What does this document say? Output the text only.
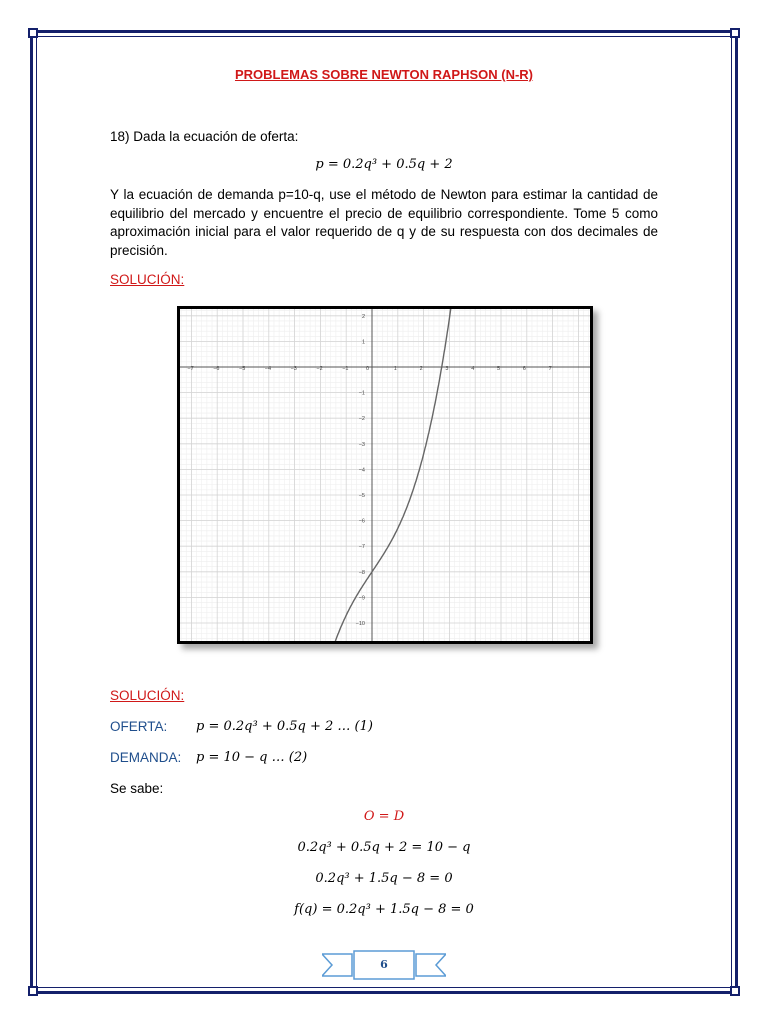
PROBLEMAS SOBRE NEWTON RAPHSON (N-R)
18) Dada la ecuación de oferta:
p = 0.2q³ + 0.5q + 2
Y la ecuación de demanda p=10-q, use el método de Newton para estimar la cantidad de equilibrio del mercado y encuentre el precio de equilibrio correspondiente. Tome 5 como aproximación inicial para el valor requerido de q y de su respuesta con dos decimales de precisión.
SOLUCIÓN:
−7	−6	−5	−4	−3	−2	−1	0	1	2	3	4	5	6	7
2
1
−1
−2
−3
−4
−5
−6
−7
−8
−9
−10
SOLUCIÓN:
OFERTA: p = 0.2q³ + 0.5q + 2 … (1)
DEMANDA: p = 10 − q … (2)
Se sabe:
O = D
0.2q³ + 0.5q + 2 = 10 − q
0.2q³ + 1.5q − 8 = 0
f(q) = 0.2q³ + 1.5q − 8 = 0
6
